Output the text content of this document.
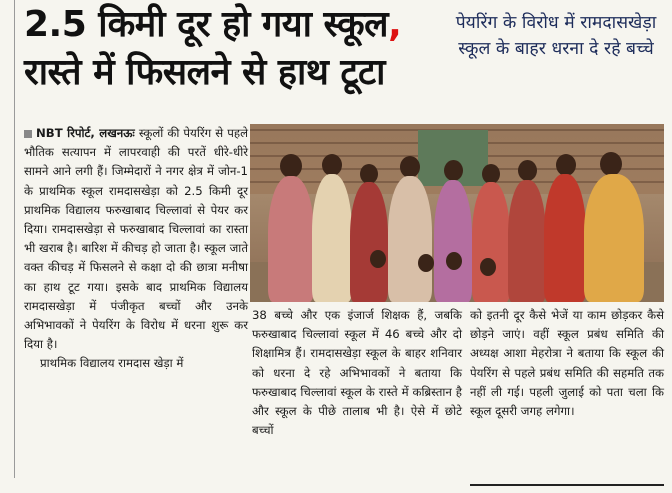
2.5 किमी दूर हो गया स्कूल,
रास्ते में फिसलने से हाथ टूटा
पेयरिंग के विरोध में रामदासखेड़ा स्कूल के बाहर धरना दे रहे बच्चे

NBT रिपोर्ट, लखनऊः स्कूलों की पेयरिंग से पहले भौतिक सत्यापन में लापरवाही की परतें धीरे-धीरे सामने आने लगी हैं। जिम्मेदारों ने नगर क्षेत्र में जोन-1 के प्राथमिक स्कूल रामदासखेड़ा को 2.5 किमी दूर प्राथमिक विद्यालय फरुखाबाद चिल्लावां से पेयर कर दिया। रामदासखेड़ा से फरुखाबाद चिल्लावां का रास्ता भी खराब है। बारिश में कीचड़ हो जाता है। स्कूल जाते वक्त कीचड़ में फिसलने से कक्षा दो की छात्रा मनीषा का हाथ टूट गया। इसके बाद प्राथमिक विद्यालय रामदासखेड़ा में पंजीकृत बच्चों और उनके अभिभावकों ने पेयरिंग के विरोध में धरना शुरू कर दिया है।

प्राथमिक विद्यालय रामदास खेड़ा में

38 बच्चे और एक इंजार्ज शिक्षक हैं, जबकि फरुखाबाद चिल्लावां स्कूल में 46 बच्चे और दो शिक्षामित्र हैं। रामदासखेड़ा स्कूल के बाहर शनिवार को धरना दे रहे अभिभावकों ने बताया कि फरुखाबाद चिल्लावां स्कूल के रास्ते में कब्रिस्तान है और स्कूल के पीछे तालाब भी है। ऐसे में छोटे बच्चों
को इतनी दूर कैसे भेजें या काम छोड़कर कैसे छोड़ने जाएं। वहीं स्कूल प्रबंध समिति की अध्यक्ष आशा मेहरोत्रा ने बताया कि स्कूल की पेयरिंग से पहले प्रबंध समिति की सहमति तक नहीं ली गई। पहली जुलाई को पता चला कि स्कूल दूसरी जगह लगेगा।
